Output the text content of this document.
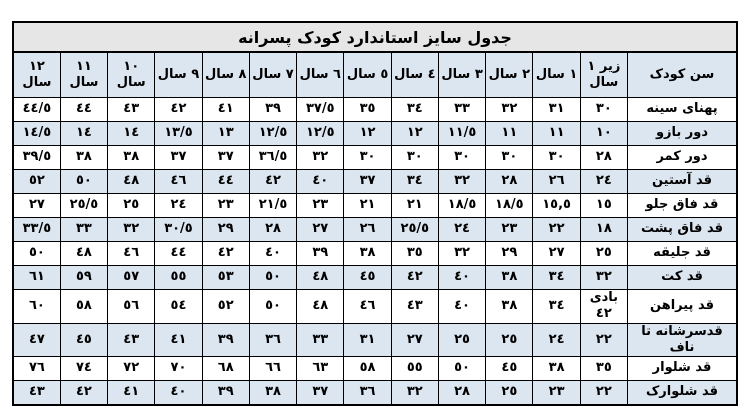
جدول سایز استاندارد کودک پسرانه
سن کودک	زیر ١ سال	١ سال	٢ سال	٣ سال	٤ سال	٥ سال	٦ سال	٧ سال	٨ سال	٩ سال	١٠ سال	١١ سال	١٢ سال
پهنای سینه	٣٠	٣١	٣٢	٣٣	٣٤	٣٥	٣٧/٥	٣٩	٤١	٤٢	٤٣	٤٤	٤٤/٥
دور بازو	١٠	١١	١١	١١/٥	١٢	١٢	١٢/٥	١٢/٥	١٣	١٣/٥	١٤	١٤	١٤/٥
دور کمر	٢٨	٣٠	٣٠	٣٠	٣٠	٣٠	٣٢	٣٦/٥	٣٧	٣٧	٣٨	٣٨	٣٩/٥
قد آستین	٢٤	٢٦	٢٨	٣٢	٣٤	٣٧	٤٠	٤٢	٤٤	٤٦	٤٨	٥٠	٥٢
قد فاق جلو	١٥	١٥,٥	١٨/٥	١٨/٥	٢١	٢١	٢٣	٢١/٥	٢٣	٢٤	٢٥	٢٥/٥	٢٧
قد فاق پشت	١٨	٢٢	٢٣	٢٤	٢٥/٥	٢٦	٢٧	٢٨	٢٩	٣٠/٥	٣٢	٣٣	٣٣/٥
قد جلیقه	٢٥	٢٧	٢٩	٣٢	٣٥	٣٨	٣٩	٤٠	٤٢	٤٤	٤٦	٤٨	٥٠
قد کت	٣٢	٣٤	٣٨	٤٠	٤٢	٤٥	٤٨	٥٠	٥٣	٥٥	٥٧	٥٩	٦١
قد پیراهن	بادی ٤٢	٣٤	٣٨	٤٠	٤٣	٤٦	٤٨	٥٠	٥٢	٥٤	٥٦	٥٨	٦٠
قدسرشانه تا ناف	٢٢	٢٤	٢٥	٢٥	٢٧	٣١	٣٣	٣٦	٣٩	٤١	٤٣	٤٥	٤٧
قد شلوار	٣٥	٣٨	٤٥	٥٠	٥٥	٥٨	٦٣	٦٦	٦٨	٧٠	٧٢	٧٤	٧٦
قد شلوارک	٢٢	٢٣	٢٥	٢٨	٣٢	٣٦	٣٧	٣٨	٣٩	٤٠	٤١	٤٢	٤٣
